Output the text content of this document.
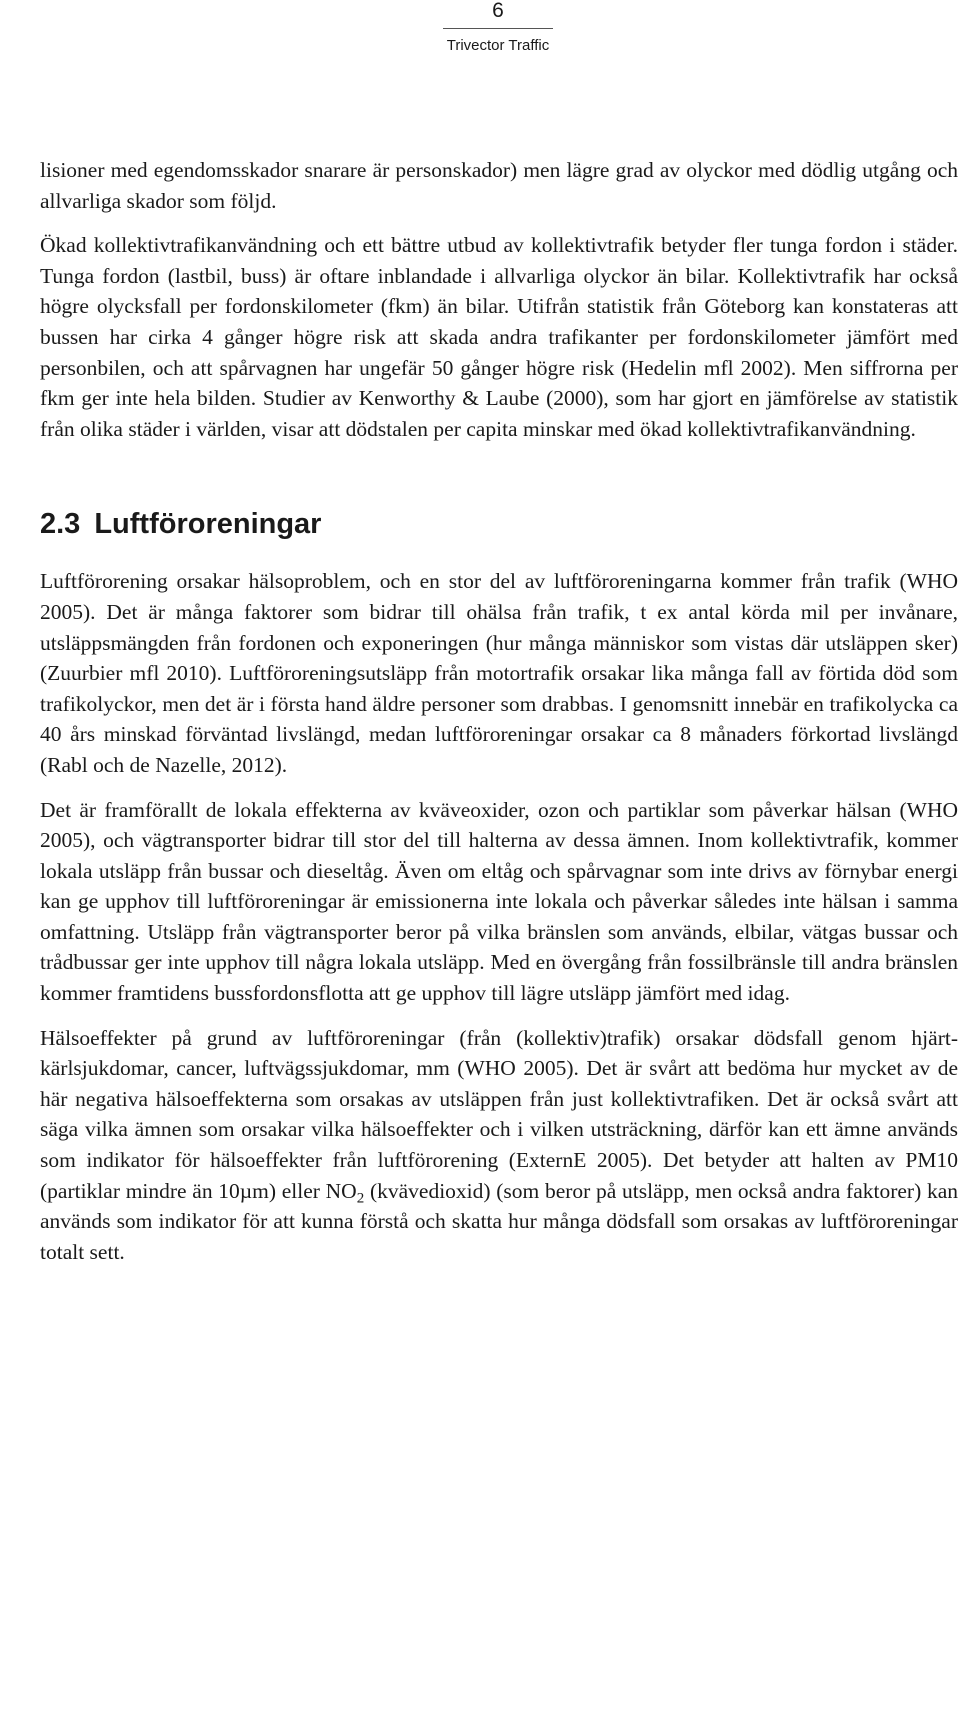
6
Trivector Traffic

lisioner med egendomsskador snarare är personskador) men lägre grad av olyckor med dödlig utgång och allvarliga skador som följd.

Ökad kollektivtrafikanvändning och ett bättre utbud av kollektivtrafik betyder fler tunga fordon i städer. Tunga fordon (lastbil, buss) är oftare inblandade i allvarliga olyckor än bilar. Kollektivtrafik har också högre olycksfall per fordonskilometer (fkm) än bilar. Utifrån statistik från Göteborg kan konstateras att bussen har cirka 4 gånger högre risk att skada andra trafikanter per fordonskilometer jämfört med personbilen, och att spårvagnen har ungefär 50 gånger högre risk (Hedelin mfl 2002). Men siffrorna per fkm ger inte hela bilden. Studier av Kenworthy & Laube (2000), som har gjort en jämförelse av statistik från olika städer i världen, visar att dödstalen per capita minskar med ökad kollektivtrafikanvändning.

2.3 Luftföroreningar

Luftförorening orsakar hälsoproblem, och en stor del av luftföroreningarna kommer från trafik (WHO 2005). Det är många faktorer som bidrar till ohälsa från trafik, t ex antal körda mil per invånare, utsläppsmängden från fordonen och exponeringen (hur många människor som vistas där utsläppen sker) (Zuurbier mfl 2010). Luftföroreningsutsläpp från motortrafik orsakar lika många fall av förtida död som trafikolyckor, men det är i första hand äldre personer som drabbas. I genomsnitt innebär en trafikolycka ca 40 års minskad förväntad livslängd, medan luftföroreningar orsakar ca 8 månaders förkortad livslängd (Rabl och de Nazelle, 2012).

Det är framförallt de lokala effekterna av kväveoxider, ozon och partiklar som påverkar hälsan (WHO 2005), och vägtransporter bidrar till stor del till halterna av dessa ämnen. Inom kollektivtrafik, kommer lokala utsläpp från bussar och dieseltåg. Även om eltåg och spårvagnar som inte drivs av förnybar energi kan ge upphov till luftföroreningar är emissionerna inte lokala och påverkar således inte hälsan i samma omfattning. Utsläpp från vägtransporter beror på vilka bränslen som används, elbilar, vätgas bussar och trådbussar ger inte upphov till några lokala utsläpp. Med en övergång från fossilbränsle till andra bränslen kommer framtidens bussfordonsflotta att ge upphov till lägre utsläpp jämfört med idag.

Hälsoeffekter på grund av luftföroreningar (från (kollektiv)trafik) orsakar dödsfall genom hjärt-kärlsjukdomar, cancer, luftvägssjukdomar, mm (WHO 2005). Det är svårt att bedöma hur mycket av de här negativa hälsoeffekterna som orsakas av utsläppen från just kollektivtrafiken. Det är också svårt att säga vilka ämnen som orsakar vilka hälsoeffekter och i vilken utsträckning, därför kan ett ämne används som indikator för hälsoeffekter från luftförorening (ExternE 2005). Det betyder att halten av PM10 (partiklar mindre än 10µm) eller $NO_2$ (kvävedioxid) (som beror på utsläpp, men också andra faktorer) kan används som indikator för att kunna förstå och skatta hur många dödsfall som orsakas av luftföroreningar totalt sett.
